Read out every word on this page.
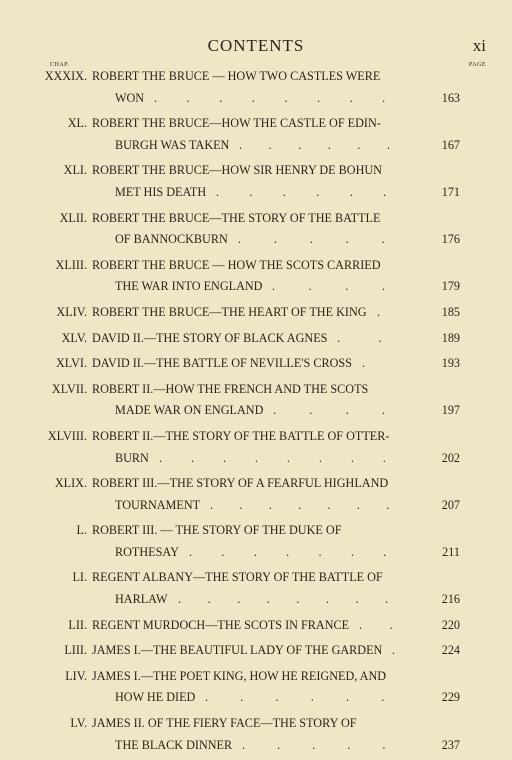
CONTENTS	xi
CHAP.	PAGE
XXXIX. ROBERT THE BRUCE — HOW TWO CASTLES WERE
WON . . . . . . . .	163
XL. ROBERT THE BRUCE—HOW THE CASTLE OF EDIN-
BURGH WAS TAKEN . . . . . .	167
XLI. ROBERT THE BRUCE—HOW SIR HENRY DE BOHUN
MET HIS DEATH . . . . . .	171
XLII. ROBERT THE BRUCE—THE STORY OF THE BATTLE
OF BANNOCKBURN . . . . .	176
XLIII. ROBERT THE BRUCE — HOW THE SCOTS CARRIED
THE WAR INTO ENGLAND . . . .	179
XLIV. ROBERT THE BRUCE—THE HEART OF THE KING .	185
XLV. DAVID II.—THE STORY OF BLACK AGNES . .	189
XLVI. DAVID II.—THE BATTLE OF NEVILLE'S CROSS .	193
XLVII. ROBERT II.—HOW THE FRENCH AND THE SCOTS
MADE WAR ON ENGLAND . . . .	197
XLVIII. ROBERT II.—THE STORY OF THE BATTLE OF OTTER-
BURN . . . . . . . .	202
XLIX. ROBERT III.—THE STORY OF A FEARFUL HIGHLAND
TOURNAMENT . . . . . . .	207
L. ROBERT III. — THE STORY OF THE DUKE OF
ROTHESAY . . . . . . .	211
LI. REGENT ALBANY—THE STORY OF THE BATTLE OF
HARLAW . . . . . . . .	216
LII. REGENT MURDOCH—THE SCOTS IN FRANCE . .	220
LIII. JAMES I.—THE BEAUTIFUL LADY OF THE GARDEN .	224
LIV. JAMES I.—THE POET KING, HOW HE REIGNED, AND
HOW HE DIED . . . . . .	229
LV. JAMES II. OF THE FIERY FACE—THE STORY OF
THE BLACK DINNER . . . . .	237
